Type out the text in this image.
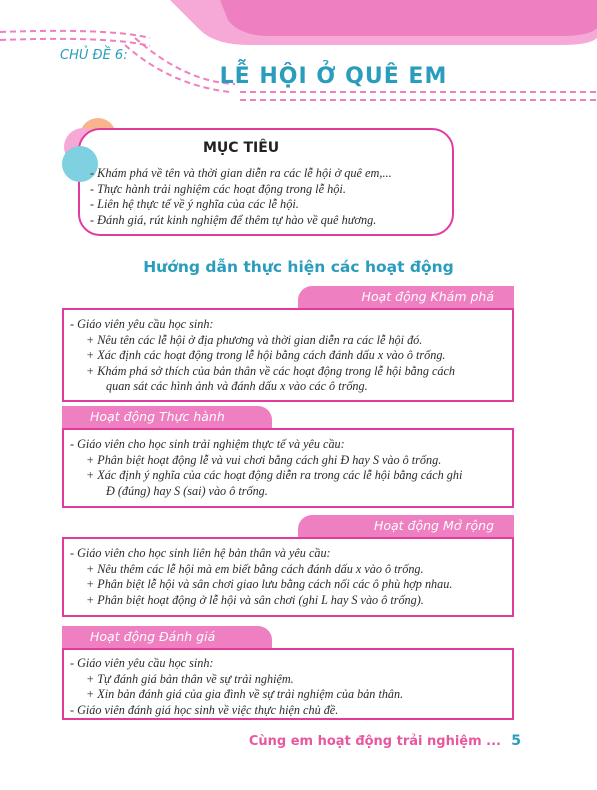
CHỦ ĐỀ 6:
LỄ HỘI Ở QUÊ EM
MỤC TIÊU
- Khám phá về tên và thời gian diễn ra các lễ hội ở quê em,...
- Thực hành trải nghiệm các hoạt động trong lễ hội.
- Liên hệ thực tế về ý nghĩa của các lễ hội.
- Đánh giá, rút kinh nghiệm để thêm tự hào về quê hương.
Hướng dẫn thực hiện các hoạt động
Hoạt động Khám phá
- Giáo viên yêu cầu học sinh:
+ Nêu tên các lễ hội ở địa phương và thời gian diễn ra các lễ hội đó.
+ Xác định các hoạt động trong lễ hội bằng cách đánh dấu x vào ô trống.
+ Khám phá sở thích của bản thân về các hoạt động trong lễ hội bằng cách
quan sát các hình ảnh và đánh dấu x vào các ô trống.
Hoạt động Thực hành
- Giáo viên cho học sinh trải nghiệm thực tế và yêu cầu:
+ Phân biệt hoạt động lễ và vui chơi bằng cách ghi Đ hay S vào ô trống.
+ Xác định ý nghĩa của các hoạt động diễn ra trong các lễ hội bằng cách ghi
Đ (đúng) hay S (sai) vào ô trống.
Hoạt động Mở rộng
- Giáo viên cho học sinh liên hệ bản thân và yêu cầu:
+ Nêu thêm các lễ hội mà em biết bằng cách đánh dấu x vào ô trống.
+ Phân biệt lễ hội và sân chơi giao lưu bằng cách nối các ô phù hợp nhau.
+ Phân biệt hoạt động ở lễ hội và sân chơi (ghi L hay S vào ô trống).
Hoạt động Đánh giá
- Giáo viên yêu cầu học sinh:
+ Tự đánh giá bản thân về sự trải nghiệm.
+ Xin bản đánh giá của gia đình về sự trải nghiệm của bản thân.
- Giáo viên đánh giá học sinh về việc thực hiện chủ đề.
Cùng em hoạt động trải nghiệm ... 5
